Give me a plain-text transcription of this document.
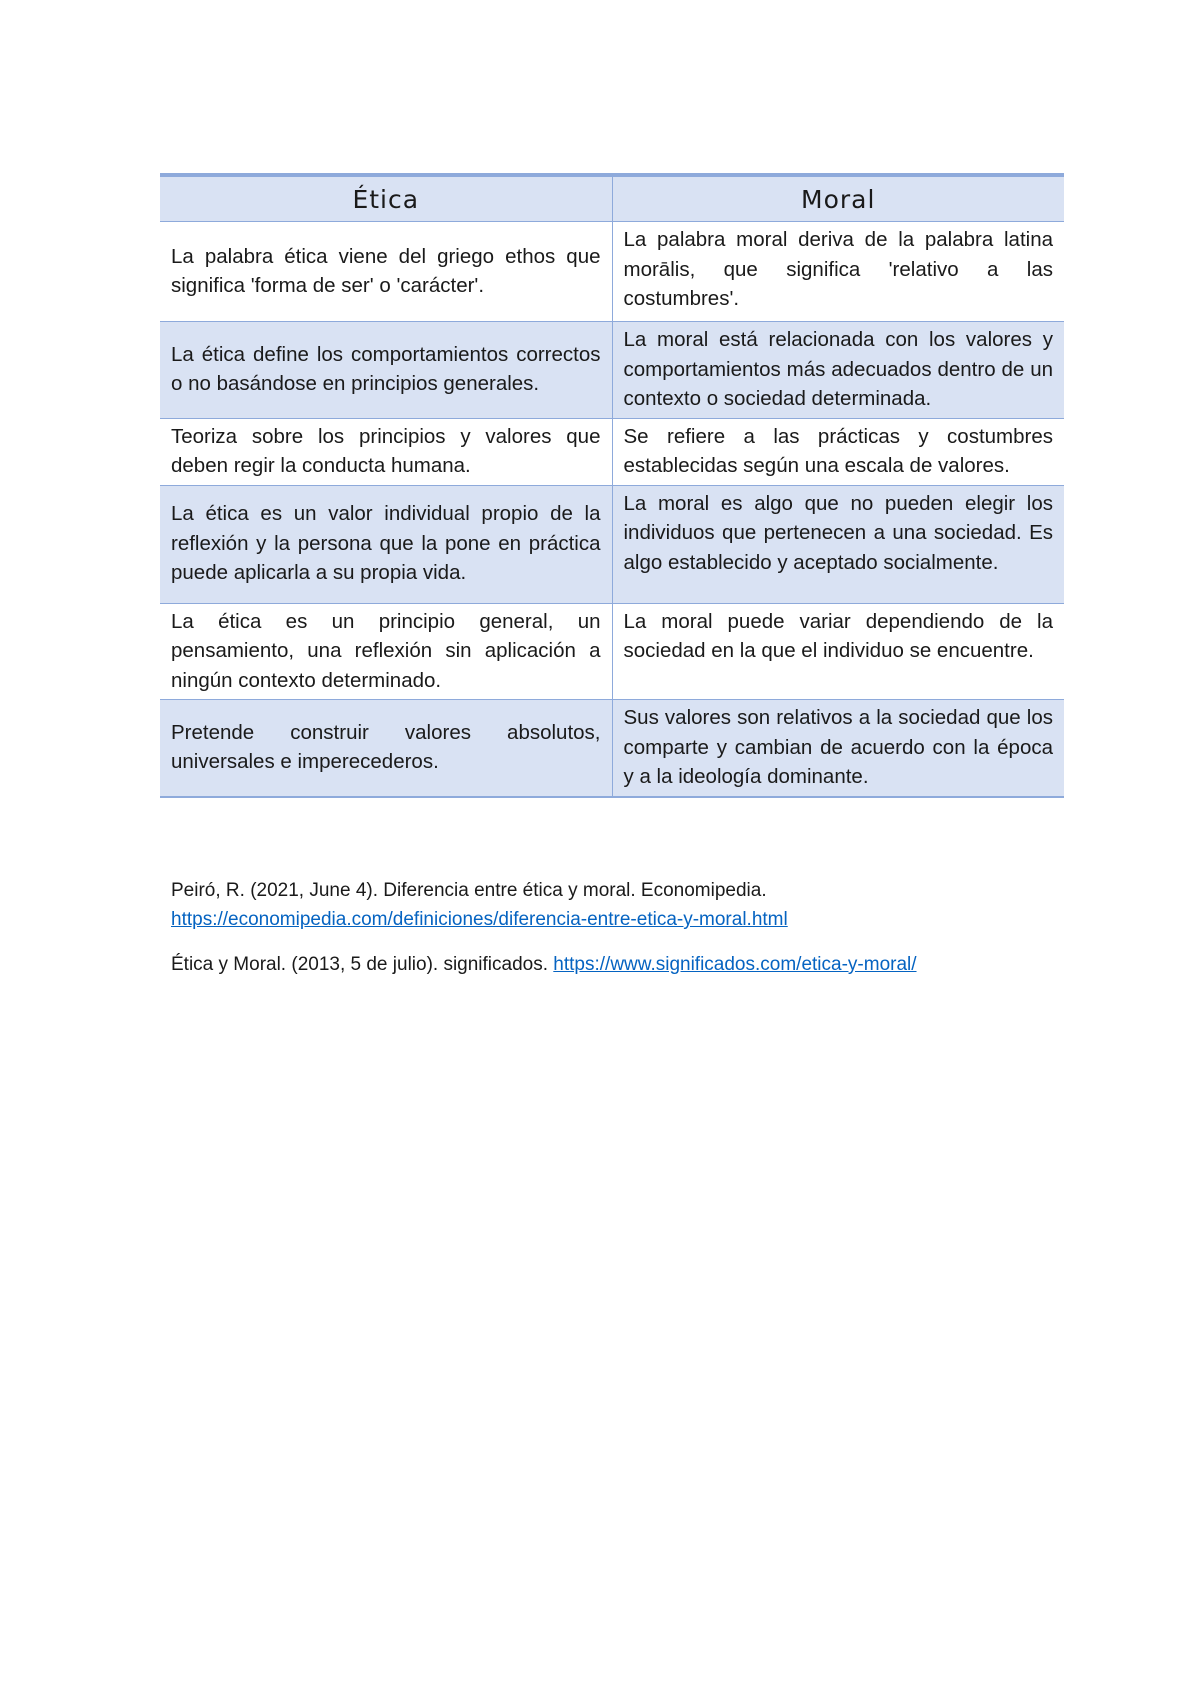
Ética	Moral
La palabra ética viene del griego ethos que significa 'forma de ser' o 'carácter'.	La palabra moral deriva de la palabra latina morālis, que significa 'relativo a las costumbres'.
La ética define los comportamientos correctos o no basándose en principios generales.	La moral está relacionada con los valores y comportamientos más adecuados dentro de un contexto o sociedad determinada.
Teoriza sobre los principios y valores que deben regir la conducta humana.	Se refiere a las prácticas y costumbres establecidas según una escala de valores.
La ética es un valor individual propio de la reflexión y la persona que la pone en práctica puede aplicarla a su propia vida.	La moral es algo que no pueden elegir los individuos que pertenecen a una sociedad. Es algo establecido y aceptado socialmente.
La ética es un principio general, un pensamiento, una reflexión sin aplicación a ningún contexto determinado.	La moral puede variar dependiendo de la sociedad en la que el individuo se encuentre.
Pretende construir valores absolutos, universales e imperecederos.	Sus valores son relativos a la sociedad que los comparte y cambian de acuerdo con la época y a la ideología dominante.

Peiró, R. (2021, June 4). Diferencia entre ética y moral. Economipedia.
https://economipedia.com/definiciones/diferencia-entre-etica-y-moral.html

Ética y Moral. (2013, 5 de julio). significados. https://www.significados.com/etica-y-moral/
